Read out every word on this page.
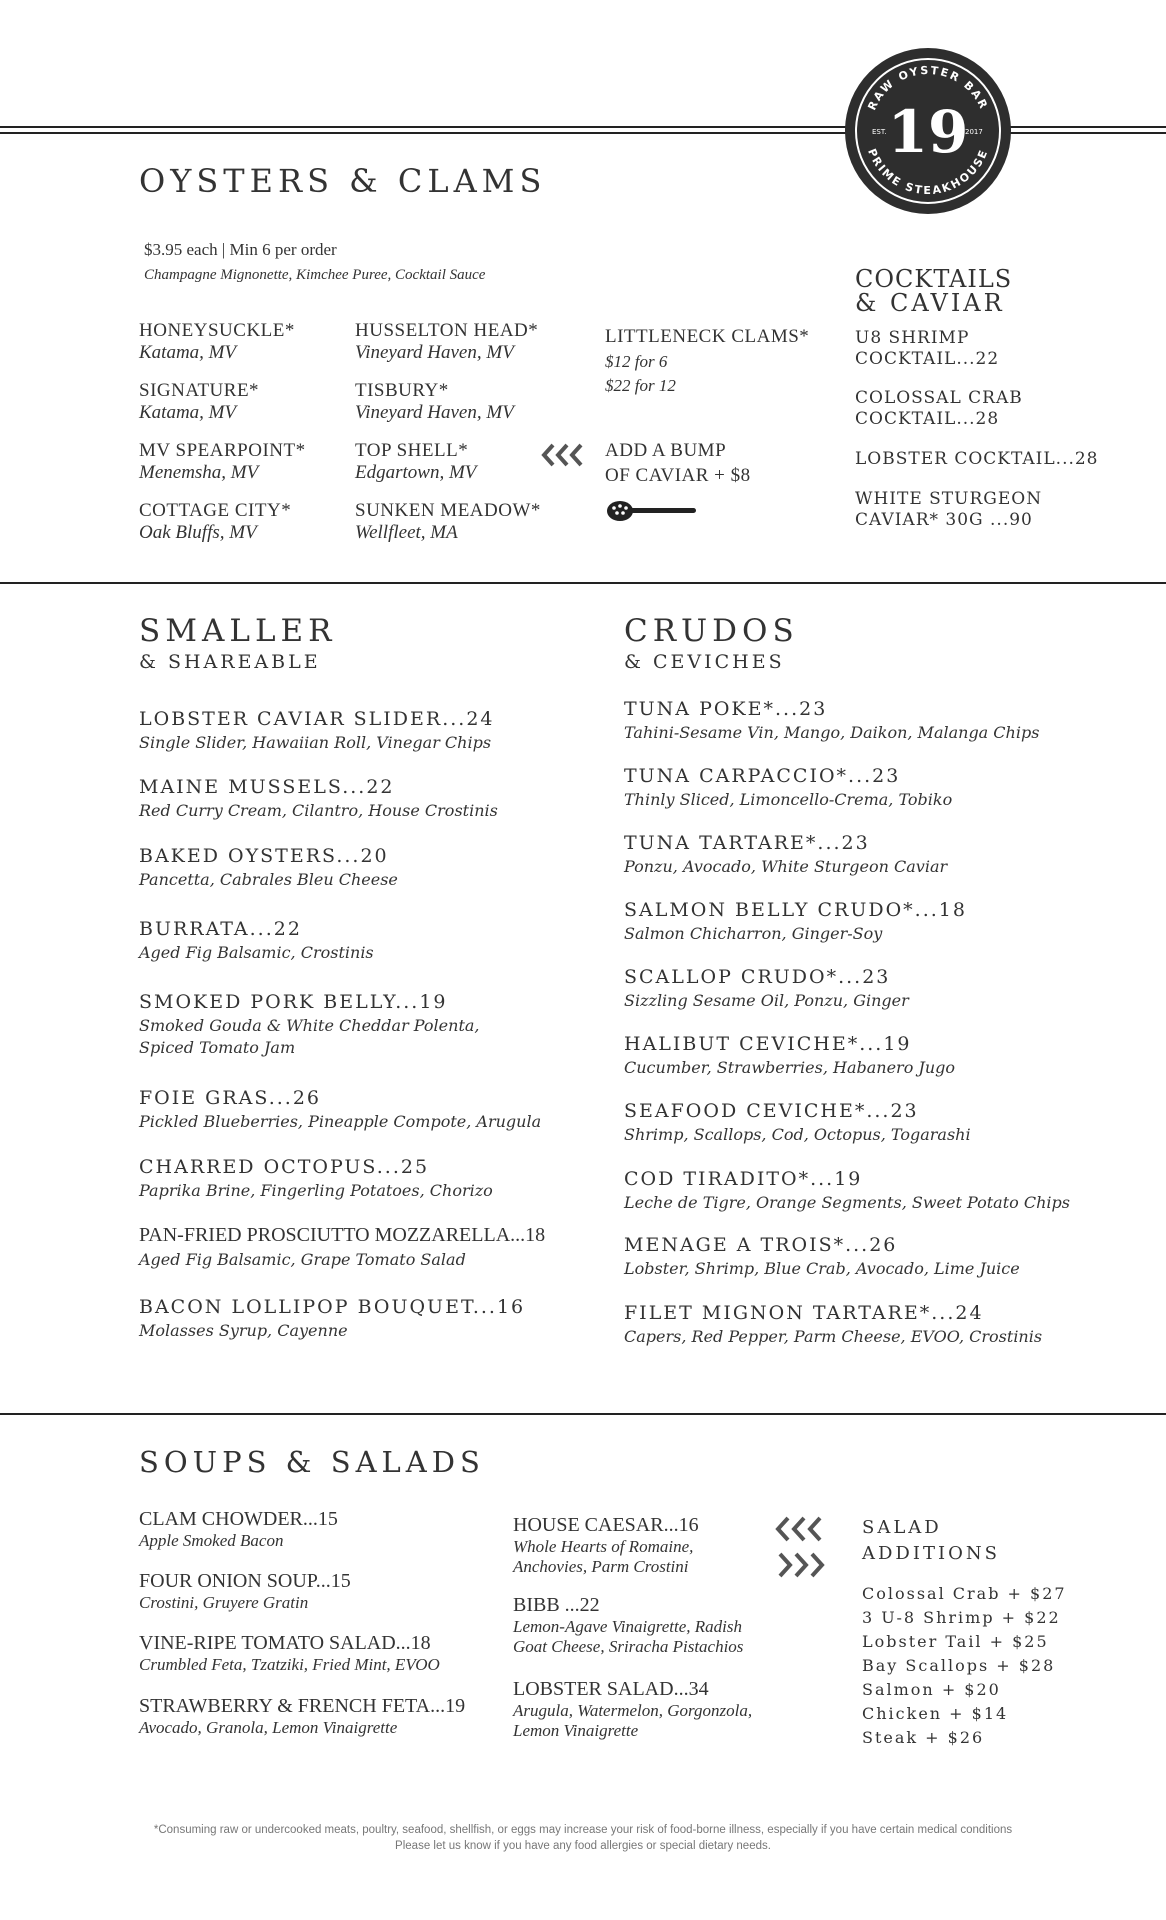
RAW OYSTER BAR
PRIME STEAKHOUSE
19
EST.	2017
OYSTERS & CLAMS
$3.95 each | Min 6 per order
Champagne Mignonette, Kimchee Puree, Cocktail Sauce
HONEYSUCKLE*
Katama, MV
SIGNATURE*
Katama, MV
MV SPEARPOINT*
Menemsha, MV
COTTAGE CITY*
Oak Bluffs, MV
HUSSELTON HEAD*
Vineyard Haven, MV
TISBURY*
Vineyard Haven, MV
TOP SHELL*
Edgartown, MV
SUNKEN MEADOW*
Wellfleet, MA
LITTLENECK CLAMS*
$12 for 6
$22 for 12
ADD A BUMP
OF CAVIAR + $8
COCKTAILS
& CAVIAR
U8 SHRIMP
COCKTAIL...22
COLOSSAL CRAB
COCKTAIL...28
LOBSTER COCKTAIL...28
WHITE STURGEON
CAVIAR* 30G ...90
SMALLER
& SHAREABLE
LOBSTER CAVIAR SLIDER...24
Single Slider, Hawaiian Roll, Vinegar Chips
MAINE MUSSELS...22
Red Curry Cream, Cilantro, House Crostinis
BAKED OYSTERS...20
Pancetta, Cabrales Bleu Cheese
BURRATA...22
Aged Fig Balsamic, Crostinis
SMOKED PORK BELLY...19
Smoked Gouda & White Cheddar Polenta,
Spiced Tomato Jam
FOIE GRAS...26
Pickled Blueberries, Pineapple Compote, Arugula
CHARRED OCTOPUS...25
Paprika Brine, Fingerling Potatoes, Chorizo
PAN-FRIED PROSCIUTTO MOZZARELLA...18
Aged Fig Balsamic, Grape Tomato Salad
BACON LOLLIPOP BOUQUET...16
Molasses Syrup, Cayenne
CRUDOS
& CEVICHES
TUNA POKE*...23
Tahini-Sesame Vin, Mango, Daikon, Malanga Chips
TUNA CARPACCIO*...23
Thinly Sliced, Limoncello-Crema, Tobiko
TUNA TARTARE*...23
Ponzu, Avocado, White Sturgeon Caviar
SALMON BELLY CRUDO*...18
Salmon Chicharron, Ginger-Soy
SCALLOP CRUDO*...23
Sizzling Sesame Oil, Ponzu, Ginger
HALIBUT CEVICHE*...19
Cucumber, Strawberries, Habanero Jugo
SEAFOOD CEVICHE*...23
Shrimp, Scallops, Cod, Octopus, Togarashi
COD TIRADITO*...19
Leche de Tigre, Orange Segments, Sweet Potato Chips
MENAGE A TROIS*...26
Lobster, Shrimp, Blue Crab, Avocado, Lime Juice
FILET MIGNON TARTARE*...24
Capers, Red Pepper, Parm Cheese, EVOO, Crostinis
SOUPS & SALADS
CLAM CHOWDER...15
Apple Smoked Bacon
FOUR ONION SOUP...15
Crostini, Gruyere Gratin
VINE-RIPE TOMATO SALAD...18
Crumbled Feta, Tzatziki, Fried Mint, EVOO
STRAWBERRY & FRENCH FETA...19
Avocado, Granola, Lemon Vinaigrette
HOUSE CAESAR...16
Whole Hearts of Romaine,
Anchovies, Parm Crostini
BIBB ...22
Lemon-Agave Vinaigrette, Radish
Goat Cheese, Sriracha Pistachios
LOBSTER SALAD...34
Arugula, Watermelon, Gorgonzola,
Lemon Vinaigrette
SALAD
ADDITIONS
Colossal Crab + $27
3 U-8 Shrimp + $22
Lobster Tail + $25
Bay Scallops + $28
Salmon + $20
Chicken + $14
Steak + $26
*Consuming raw or undercooked meats, poultry, seafood, shellfish, or eggs may increase your risk of food-borne illness, especially if you have certain medical conditions
Please let us know if you have any food allergies or special dietary needs.
